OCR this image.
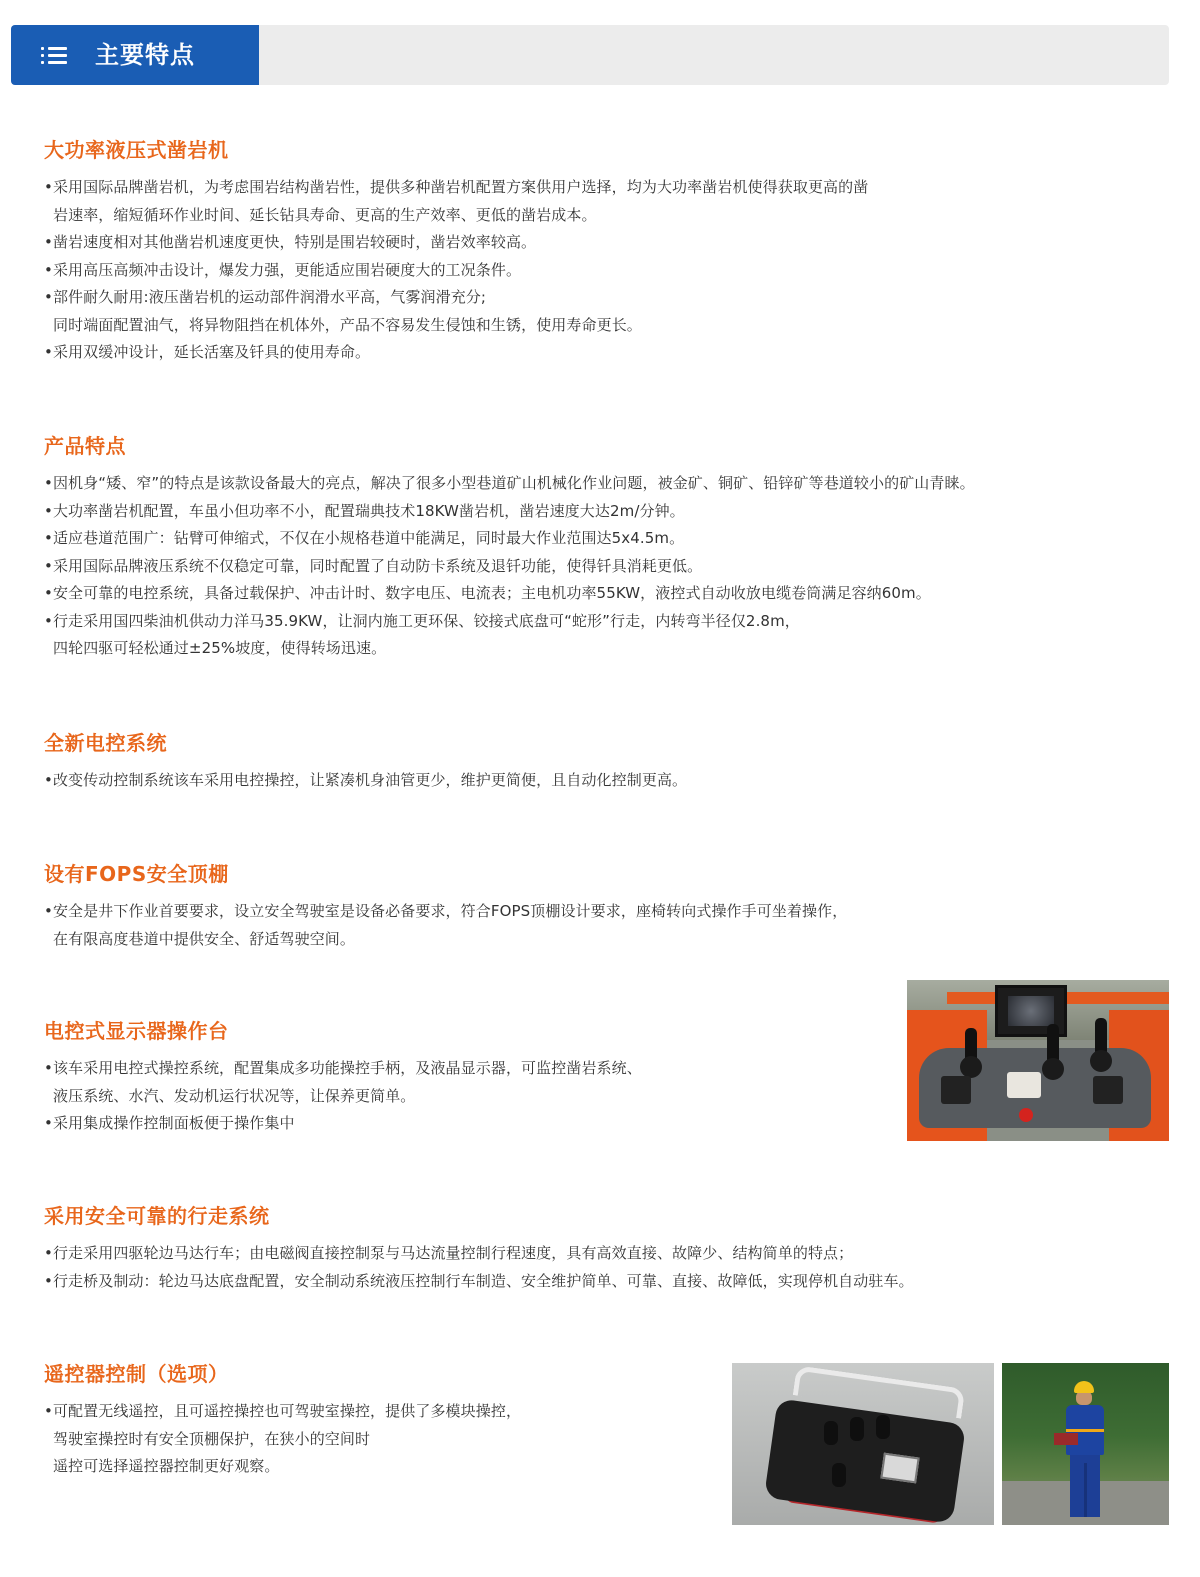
主要特点
大功率液压式凿岩机
•采用国际品牌凿岩机，为考虑围岩结构凿岩性，提供多种凿岩机配置方案供用户选择，均为大功率凿岩机使得获取更高的凿
岩速率，缩短循环作业时间、延长钻具寿命、更高的生产效率、更低的凿岩成本。
•凿岩速度相对其他凿岩机速度更快，特别是围岩较硬时，凿岩效率较高。
•采用高压高频冲击设计，爆发力强，更能适应围岩硬度大的工况条件。
•部件耐久耐用:液压凿岩机的运动部件润滑水平高，气雾润滑充分;
同时端面配置油气，将异物阻挡在机体外，产品不容易发生侵蚀和生锈，使用寿命更长。
•采用双缓冲设计，延长活塞及钎具的使用寿命。
产品特点
•因机身“矮、窄”的特点是该款设备最大的亮点，解决了很多小型巷道矿山机械化作业问题，被金矿、铜矿、铅锌矿等巷道较小的矿山青睐。
•大功率凿岩机配置，车虽小但功率不小，配置瑞典技术18KW凿岩机，凿岩速度大达2m/分钟。
•适应巷道范围广：钻臂可伸缩式，不仅在小规格巷道中能满足，同时最大作业范围达5x4.5m。
•采用国际品牌液压系统不仅稳定可靠，同时配置了自动防卡系统及退钎功能，使得钎具消耗更低。
•安全可靠的电控系统，具备过载保护、冲击计时、数字电压、电流表；主电机功率55KW，液控式自动收放电缆卷筒满足容纳60m。
•行走采用国四柴油机供动力洋马35.9KW，让洞内施工更环保、铰接式底盘可“蛇形”行走，内转弯半径仅2.8m，
四轮四驱可轻松通过±25%坡度，使得转场迅速。
全新电控系统
•改变传动控制系统该车采用电控操控，让紧凑机身油管更少，维护更简便，且自动化控制更高。
设有FOPS安全顶棚
•安全是井下作业首要要求，设立安全驾驶室是设备必备要求，符合FOPS顶棚设计要求，座椅转向式操作手可坐着操作，
在有限高度巷道中提供安全、舒适驾驶空间。
电控式显示器操作台
•该车采用电控式操控系统，配置集成多功能操控手柄，及液晶显示器，可监控凿岩系统、
液压系统、水汽、发动机运行状况等，让保养更简单。
•采用集成操作控制面板便于操作集中
采用安全可靠的行走系统
•行走采用四驱轮边马达行车；由电磁阀直接控制泵与马达流量控制行程速度，具有高效直接、故障少、结构简单的特点；
•行走桥及制动：轮边马达底盘配置，安全制动系统液压控制行车制造、安全维护简单、可靠、直接、故障低，实现停机自动驻车。
遥控器控制（选项）
•可配置无线遥控，且可遥控操控也可驾驶室操控，提供了多模块操控，
驾驶室操控时有安全顶棚保护，在狭小的空间时
遥控可选择遥控器控制更好观察。
